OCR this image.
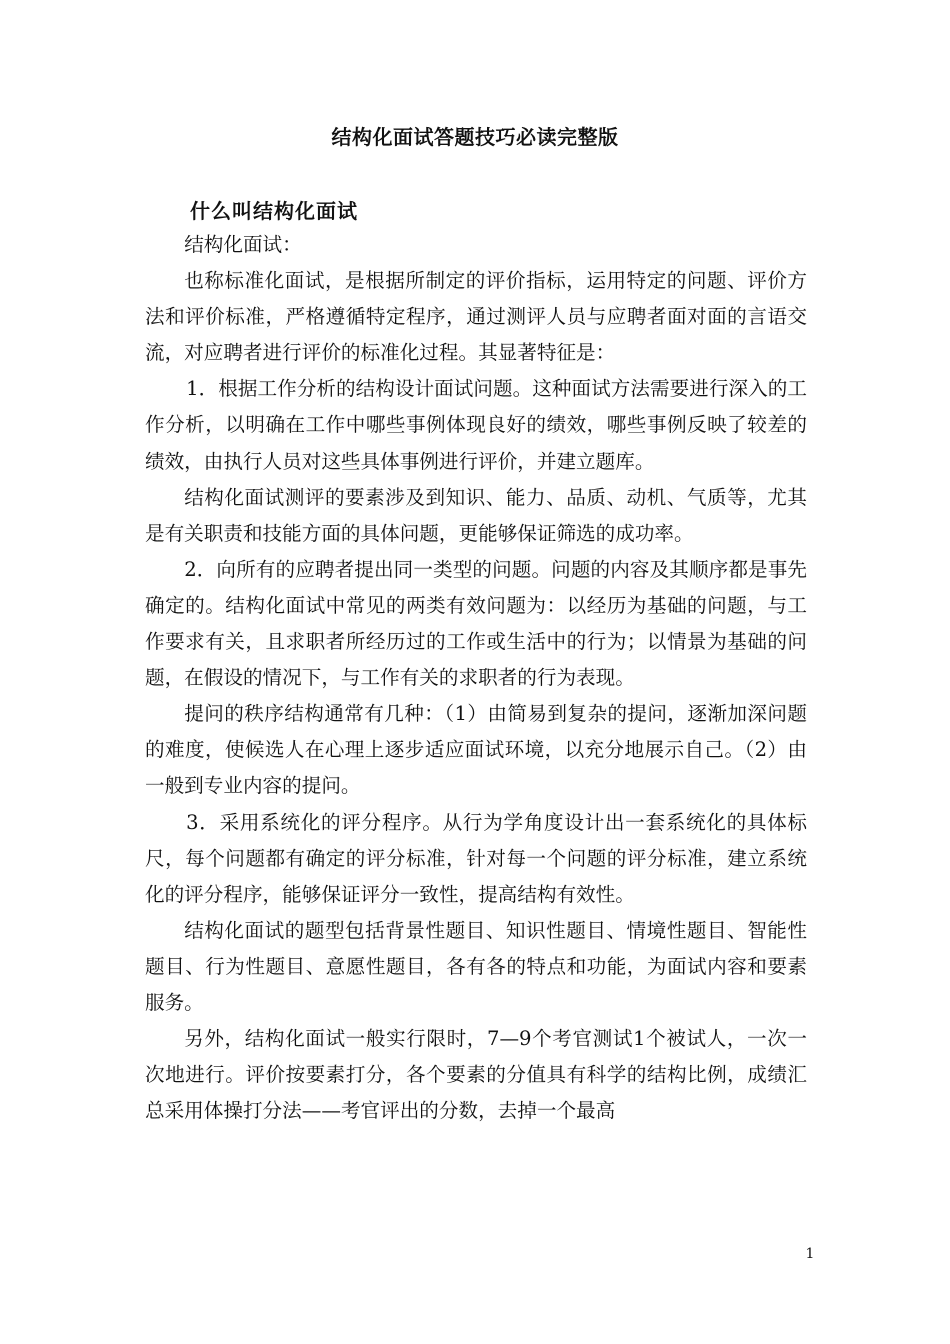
结构化面试答题技巧必读完整版
什么叫结构化面试

结构化面试：

也称标准化面试，是根据所制定的评价指标，运用特定的问题、评价方法和评价标准，严格遵循特定程序，通过测评人员与应聘者面对面的言语交流，对应聘者进行评价的标准化过程。其显著特征是：

1．根据工作分析的结构设计面试问题。这种面试方法需要进行深入的工作分析，以明确在工作中哪些事例体现良好的绩效，哪些事例反映了较差的绩效，由执行人员对这些具体事例进行评价，并建立题库。

结构化面试测评的要素涉及到知识、能力、品质、动机、气质等，尤其是有关职责和技能方面的具体问题，更能够保证筛选的成功率。

2．向所有的应聘者提出同一类型的问题。问题的内容及其顺序都是事先确定的。结构化面试中常见的两类有效问题为：以经历为基础的问题，与工作要求有关，且求职者所经历过的工作或生活中的行为；以情景为基础的问题，在假设的情况下，与工作有关的求职者的行为表现。

提问的秩序结构通常有几种：（1）由简易到复杂的提问，逐渐加深问题的难度，使候选人在心理上逐步适应面试环境，以充分地展示自己。（2）由一般到专业内容的提问。

3．采用系统化的评分程序。从行为学角度设计出一套系统化的具体标尺，每个问题都有确定的评分标准，针对每一个问题的评分标准，建立系统化的评分程序，能够保证评分一致性，提高结构有效性。

结构化面试的题型包括背景性题目、知识性题目、情境性题目、智能性题目、行为性题目、意愿性题目，各有各的特点和功能，为面试内容和要素服务。

另外，结构化面试一般实行限时，7—9个考官测试1个被试人，一次一次地进行。评价按要素打分，各个要素的分值具有科学的结构比例，成绩汇总采用体操打分法——考官评出的分数，去掉一个最高

1
